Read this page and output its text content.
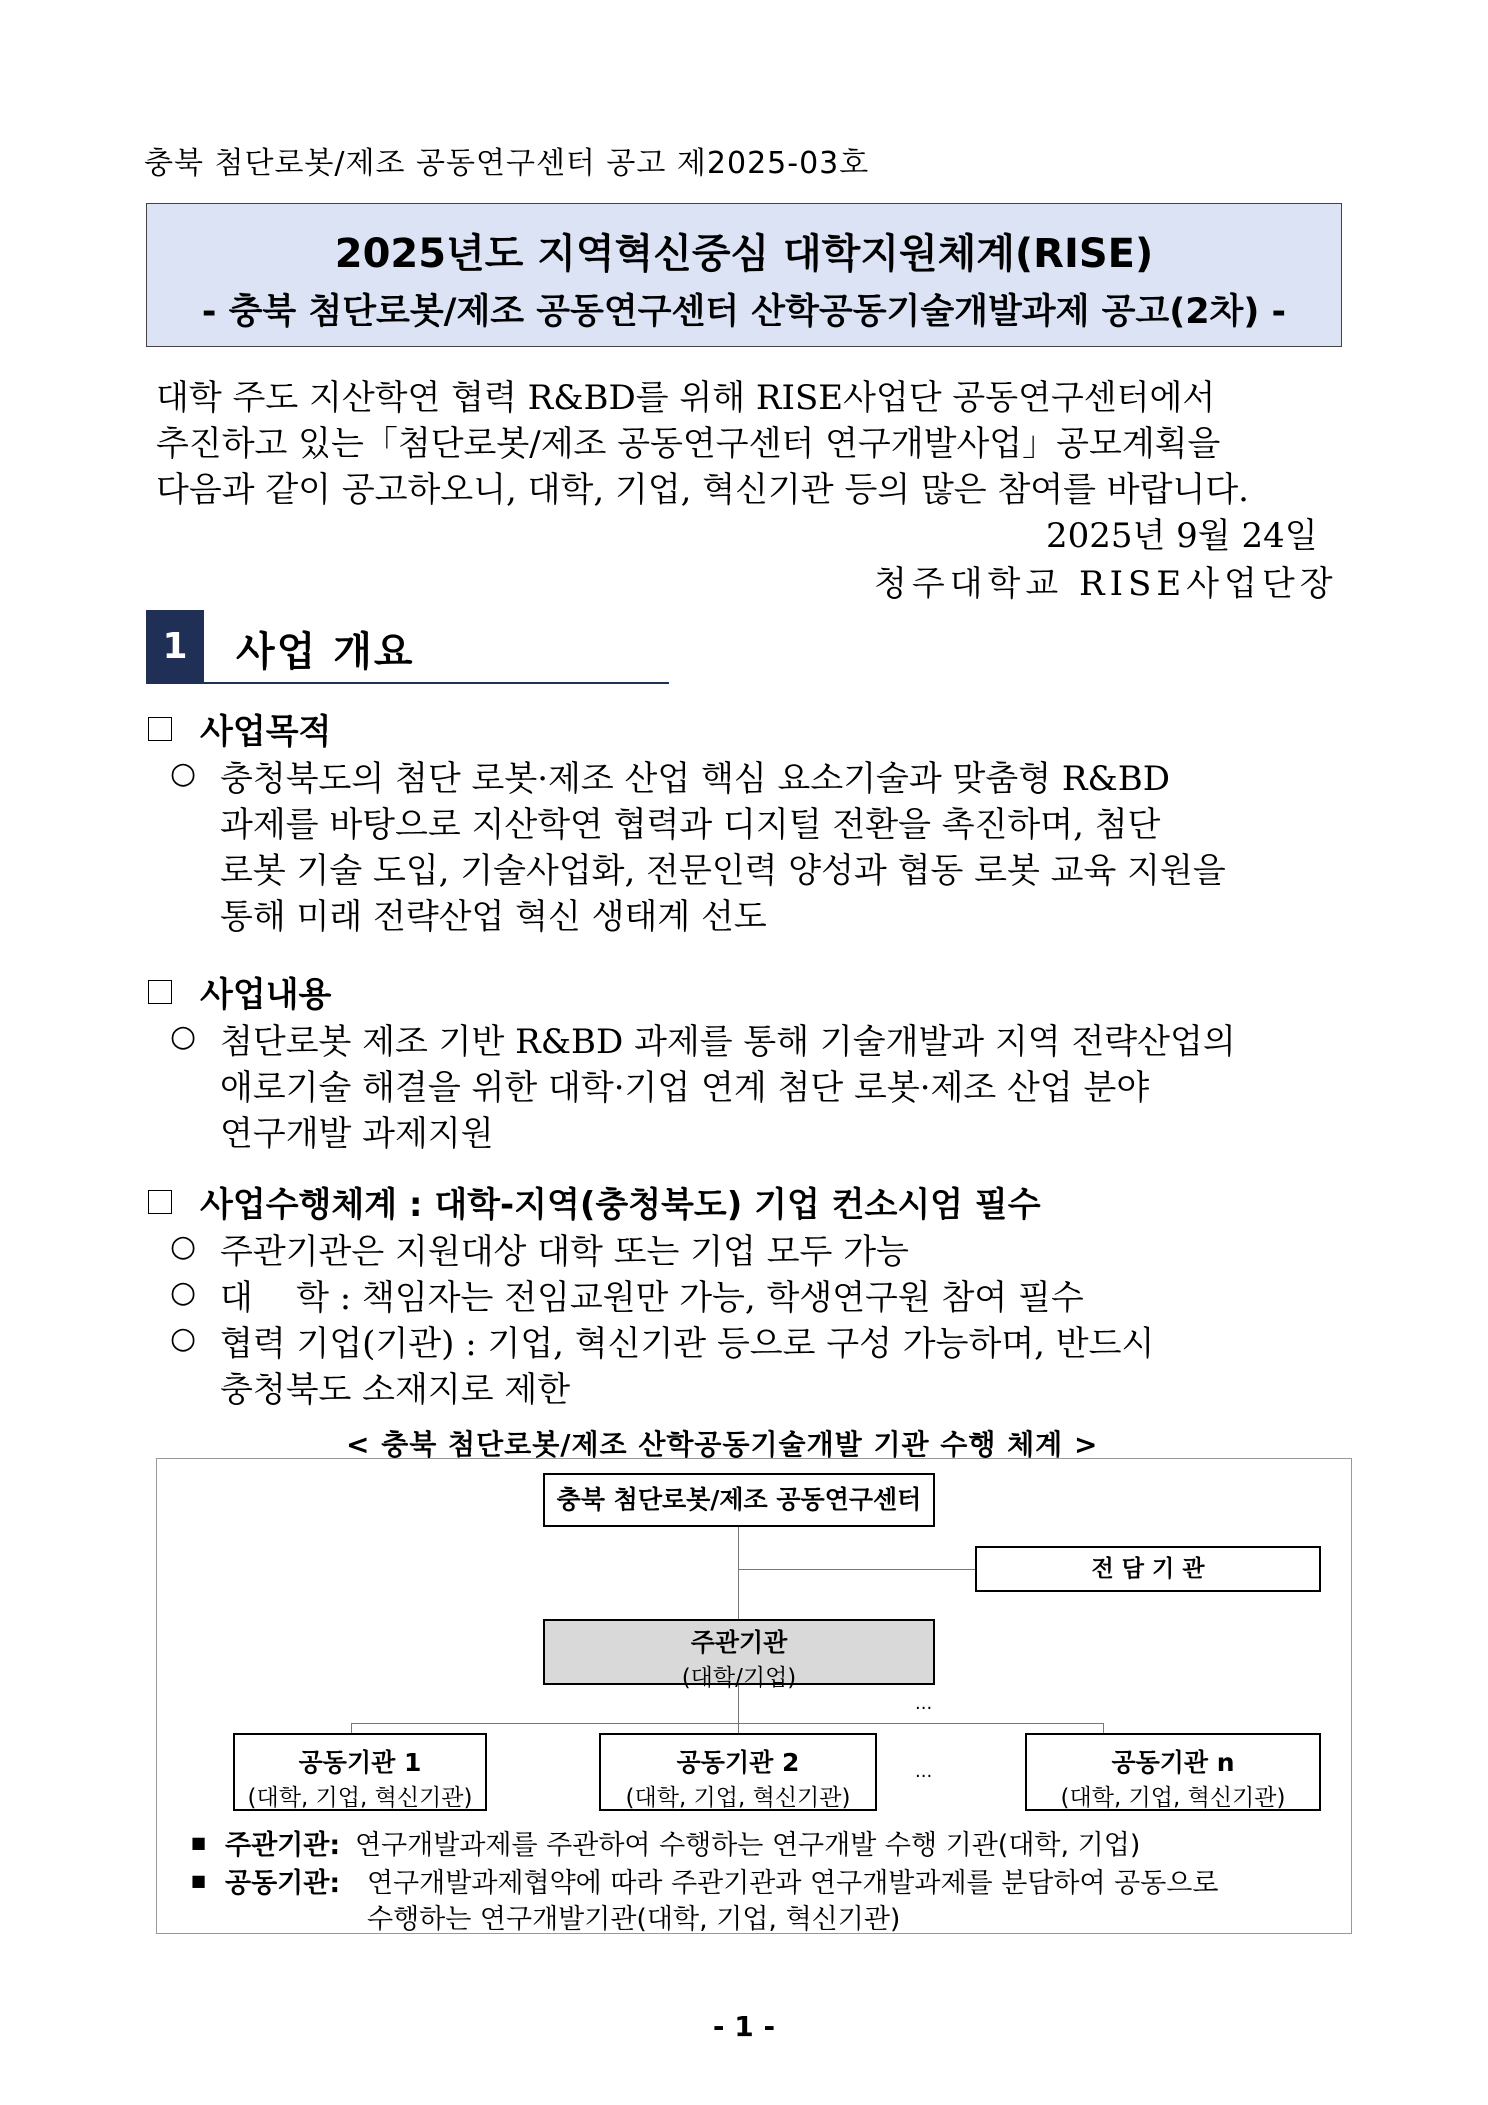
충북 첨단로봇/제조 공동연구센터 공고 제2025-03호
2025년도 지역혁신중심 대학지원체계(RISE)
- 충북 첨단로봇/제조 공동연구센터 산학공동기술개발과제 공고(2차) -
대학 주도 지산학연 협력 R&BD를 위해 RISE사업단 공동연구센터에서
추진하고 있는「첨단로봇/제조 공동연구센터 연구개발사업」공모계획을
다음과 같이 공고하오니, 대학, 기업, 혁신기관 등의 많은 참여를 바랍니다.
2025년 9월 24일
청주대학교 RISE사업단장
1	사업 개요
사업목적
○ 충청북도의 첨단 로봇·제조 산업 핵심 요소기술과 맞춤형 R&BD
과제를 바탕으로 지산학연 협력과 디지털 전환을 촉진하며, 첨단
로봇 기술 도입, 기술사업화, 전문인력 양성과 협동 로봇 교육 지원을
통해 미래 전략산업 혁신 생태계 선도
사업내용
○ 첨단로봇 제조 기반 R&BD 과제를 통해 기술개발과 지역 전략산업의
애로기술 해결을 위한 대학·기업 연계 첨단 로봇·제조 산업 분야
연구개발 과제지원
사업수행체계 : 대학-지역(충청북도) 기업 컨소시엄 필수
○ 주관기관은 지원대상 대학 또는 기업 모두 가능
○ 대    학 : 책임자는 전임교원만 가능, 학생연구원 참여 필수
○ 협력 기업(기관) : 기업, 혁신기관 등으로 구성 가능하며, 반드시
충청북도 소재지로 제한
< 충북 첨단로봇/제조 산학공동기술개발 기관 수행 체계 >
충북 첨단로봇/제조 공동연구센터
전 담 기 관
주관기관
(대학/기업)
...
공동기관 1
(대학, 기업, 혁신기관)
공동기관 2
(대학, 기업, 혁신기관)
...	공동기관 n
(대학, 기업, 혁신기관)
■ 주관기관: 연구개발과제를 주관하여 수행하는 연구개발 수행 기관(대학, 기업)
■ 공동기관: 연구개발과제협약에 따라 주관기관과 연구개발과제를 분담하여 공동으로
수행하는 연구개발기관(대학, 기업, 혁신기관)
- 1 -
